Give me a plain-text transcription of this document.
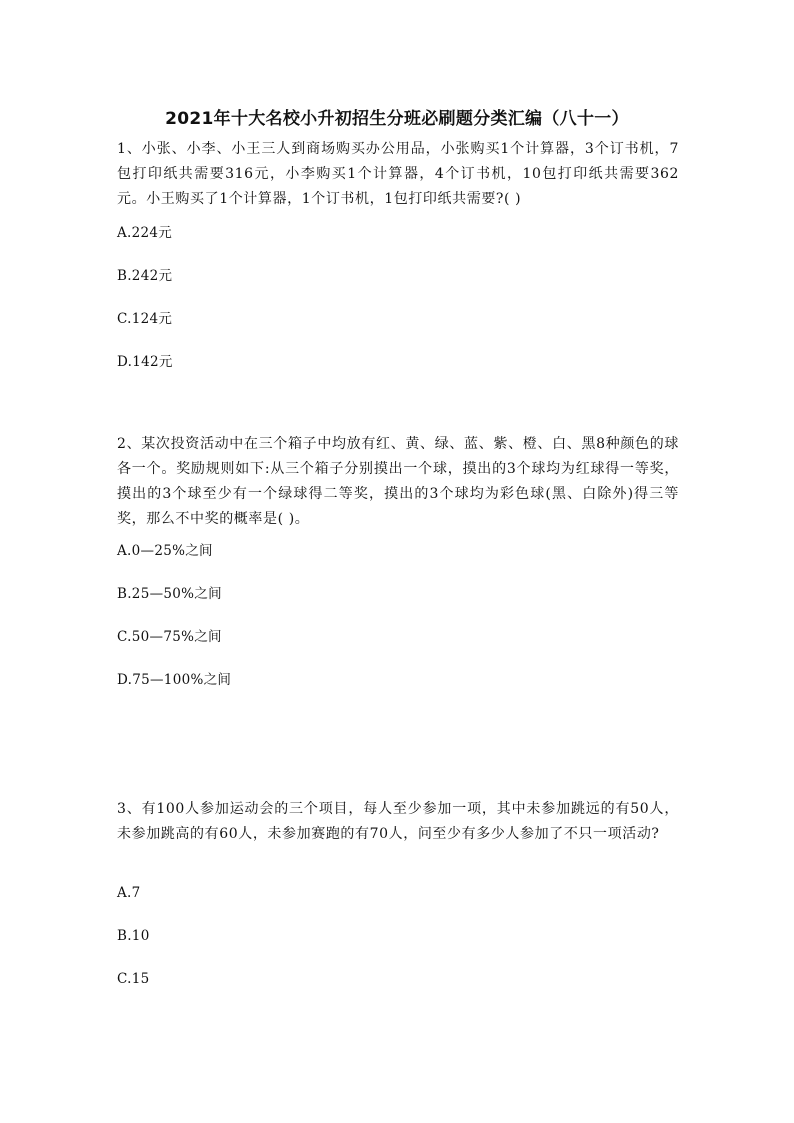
2021年十大名校小升初招生分班必刷题分类汇编（八十一）
1、小张、小李、小王三人到商场购买办公用品，小张购买1个计算器，3个订书机，7包打印纸共需要316元，小李购买1个计算器，4个订书机，10包打印纸共需要362元。小王购买了1个计算器，1个订书机，1包打印纸共需要?( )
A.224元
B.242元
C.124元
D.142元
2、某次投资活动中在三个箱子中均放有红、黄、绿、蓝、紫、橙、白、黑8种颜色的球各一个。奖励规则如下:从三个箱子分别摸出一个球，摸出的3个球均为红球得一等奖，摸出的3个球至少有一个绿球得二等奖，摸出的3个球均为彩色球(黑、白除外)得三等奖，那么不中奖的概率是( )。
A.0—25%之间
B.25—50%之间
C.50—75%之间
D.75—100%之间
3、有100人参加运动会的三个项目，每人至少参加一项，其中未参加跳远的有50人，未参加跳高的有60人，未参加赛跑的有70人，问至少有多少人参加了不只一项活动?
A.7
B.10
C.15
